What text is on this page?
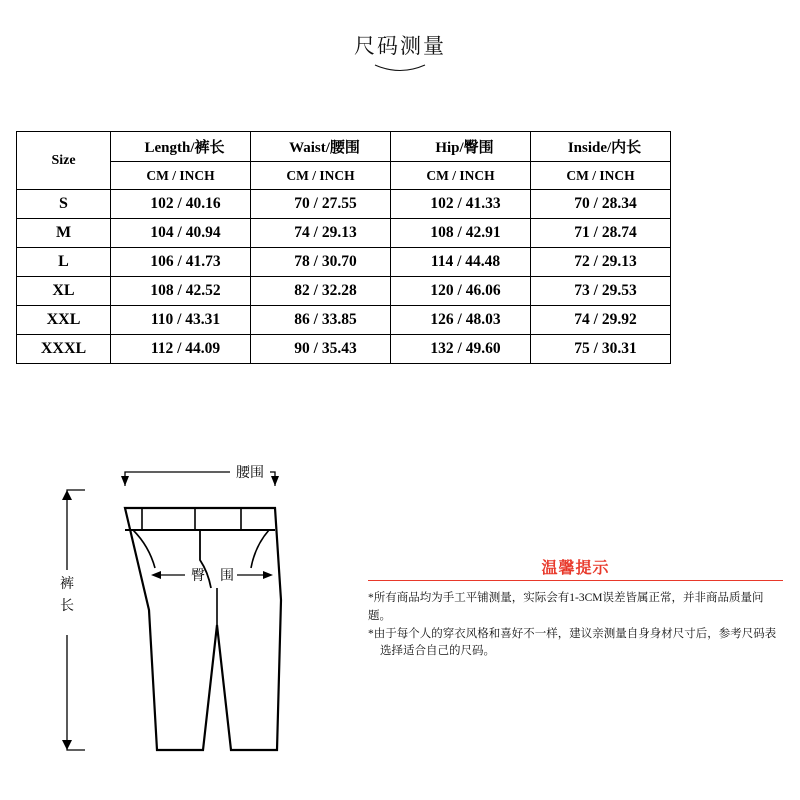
尺码测量
Size	Length/裤长	Waist/腰围	Hip/臀围	Inside/内长
	CM / INCH	CM / INCH	CM / INCH	CM / INCH
S	102 / 40.16	70 / 27.55	102 / 41.33	70 / 28.34
M	104 / 40.94	74 / 29.13	108 / 42.91	71 / 28.74
L	106 / 41.73	78 / 30.70	114 / 44.48	72 / 29.13
XL	108 / 42.52	82 / 32.28	120 / 46.06	73 / 29.53
XXL	110 / 43.31	86 / 33.85	126 / 48.03	74 / 29.92
XXXL	112 / 44.09	90 / 35.43	132 / 49.60	75 / 30.31
腰围
裤
长
臀 围	温馨提示
*所有商品均为手工平铺测量，实际会有1-3CM误差皆属正常，并非商品质量问题。
*由于每个人的穿衣风格和喜好不一样，建议亲测量自身身材尺寸后，参考尺码表
选择适合自己的尺码。
